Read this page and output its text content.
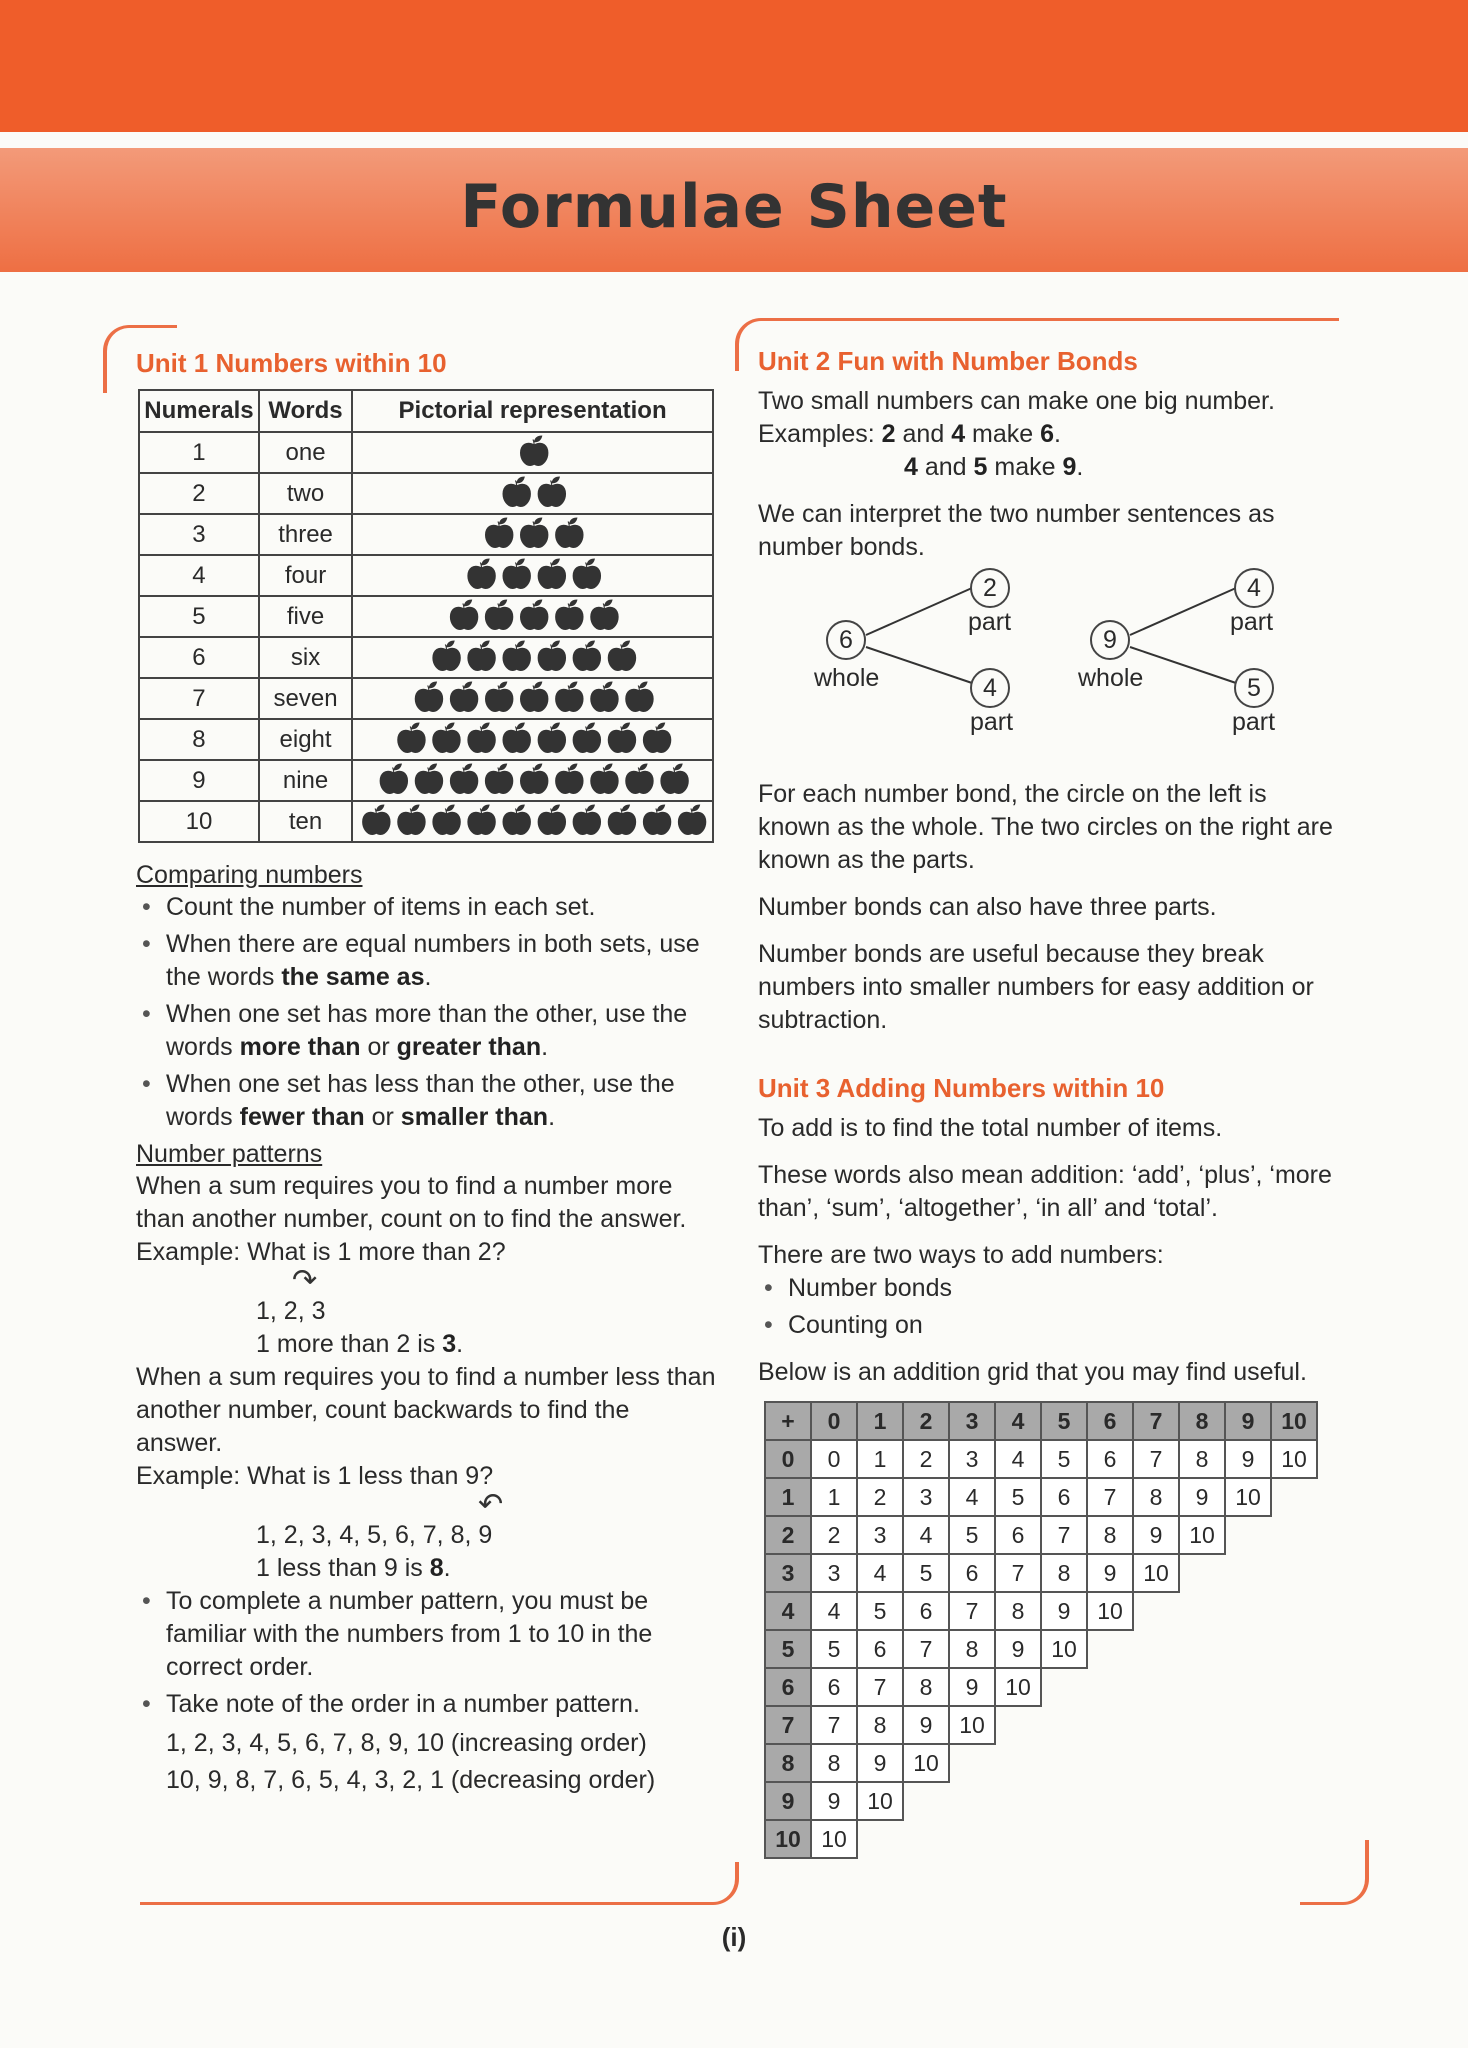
Formulae Sheet
Unit 1 Numbers within 10
Numerals	Words	Pictorial representation
1	one	🍎︎
2	two	🍎︎🍎︎
3	three	🍎︎🍎︎🍎︎
4	four	🍎︎🍎︎🍎︎🍎︎
5	five	🍎︎🍎︎🍎︎🍎︎🍎︎
6	six	🍎︎🍎︎🍎︎🍎︎🍎︎🍎︎
7	seven	🍎︎🍎︎🍎︎🍎︎🍎︎🍎︎🍎︎
8	eight	🍎︎🍎︎🍎︎🍎︎🍎︎🍎︎🍎︎🍎︎
9	nine	🍎︎🍎︎🍎︎🍎︎🍎︎🍎︎🍎︎🍎︎🍎︎
10	ten	🍎︎🍎︎🍎︎🍎︎🍎︎🍎︎🍎︎🍎︎🍎︎🍎︎

Comparing numbers

• Count the number of items in each set.
• When there are equal numbers in both sets, use the words the same as.
• When one set has more than the other, use the words more than or greater than.
• When one set has less than the other, use the words fewer than or smaller than.

Number patterns

When a sum requires you to find a number more than another number, count on to find the answer.

Example: What is 1 more than 2?

↷

1, 2, 3

1 more than 2 is 3.

When a sum requires you to find a number less than another number, count backwards to find the answer.

Example: What is 1 less than 9?

↶

1, 2, 3, 4, 5, 6, 7, 8, 9

1 less than 9 is 8.

• To complete a number pattern, you must be familiar with the numbers from 1 to 10 in the correct order.
• Take note of the order in a number pattern.
1, 2, 3, 4, 5, 6, 7, 8, 9, 10 (increasing order)
10, 9, 8, 7, 6, 5, 4, 3, 2, 1 (decreasing order)
Unit 2 Fun with Number Bonds

Two small numbers can make one big number.

Examples: 2 and 4 make 6.

4 and 5 make 9.

We can interpret the two number sentences as number bonds.

6
2
4
whole
part
part
9
4
5
whole
part
part

For each number bond, the circle on the left is known as the whole. The two circles on the right are known as the parts.

Number bonds can also have three parts.

Number bonds are useful because they break numbers into smaller numbers for easy addition or subtraction.

Unit 3 Adding Numbers within 10

To add is to find the total number of items.

These words also mean addition: ‘add’, ‘plus’, ‘more than’, ‘sum’, ‘altogether’, ‘in all’ and ‘total’.

There are two ways to add numbers:

• Number bonds
• Counting on

Below is an addition grid that you may find useful.

+	0	1	2	3	4	5	6	7	8	9	10
0	0	1	2	3	4	5	6	7	8	9	10
1	1	2	3	4	5	6	7	8	9	10	
2	2	3	4	5	6	7	8	9	10		
3	3	4	5	6	7	8	9	10			
4	4	5	6	7	8	9	10				
5	5	6	7	8	9	10					
6	6	7	8	9	10						
7	7	8	9	10							
8	8	9	10								
9	9	10									
10	10										
(i)
